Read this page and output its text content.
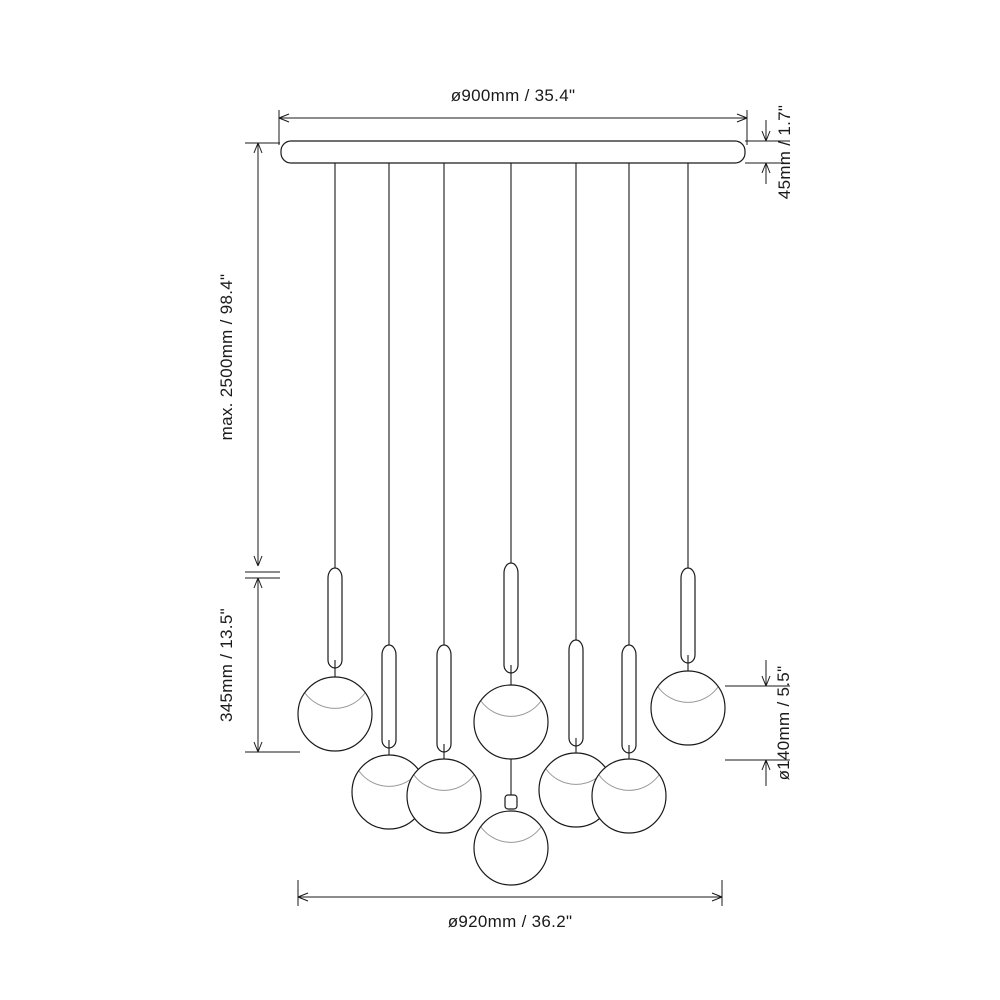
ø900mm / 35.4"
45mm / 1.7"
max. 2500mm / 98.4"
345mm / 13.5"
ø140mm / 5.5"
ø920mm / 36.2"
